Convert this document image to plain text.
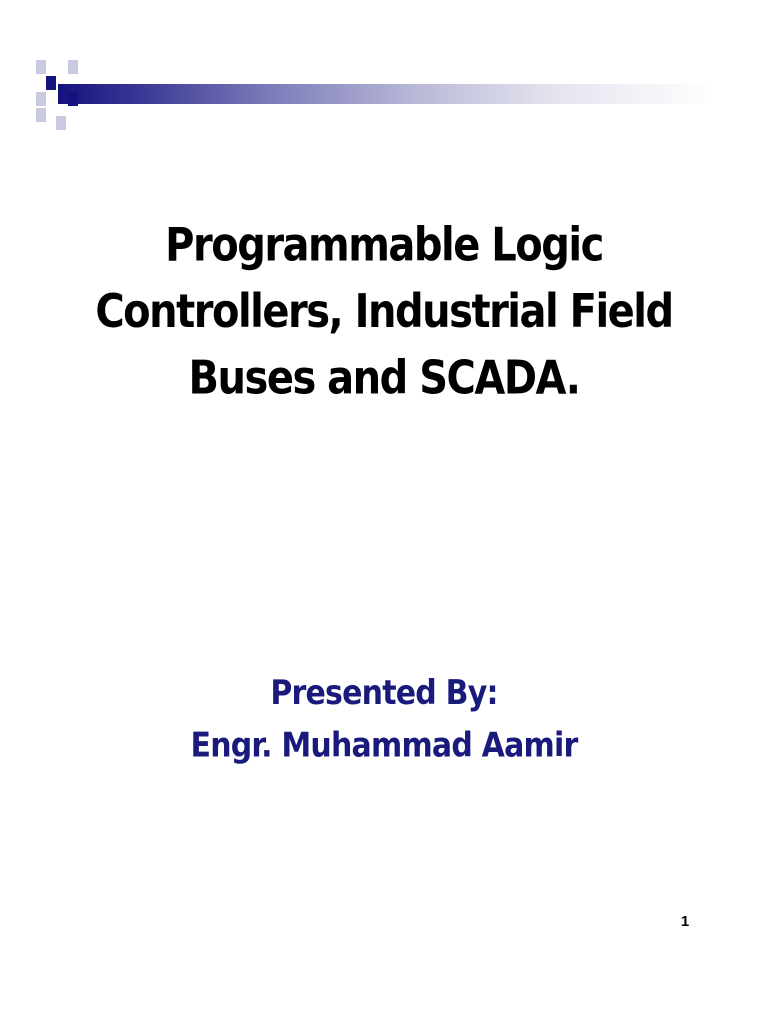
Programmable Logic
Controllers, Industrial Field
Buses and SCADA.
Presented By:
Engr. Muhammad Aamir
1
